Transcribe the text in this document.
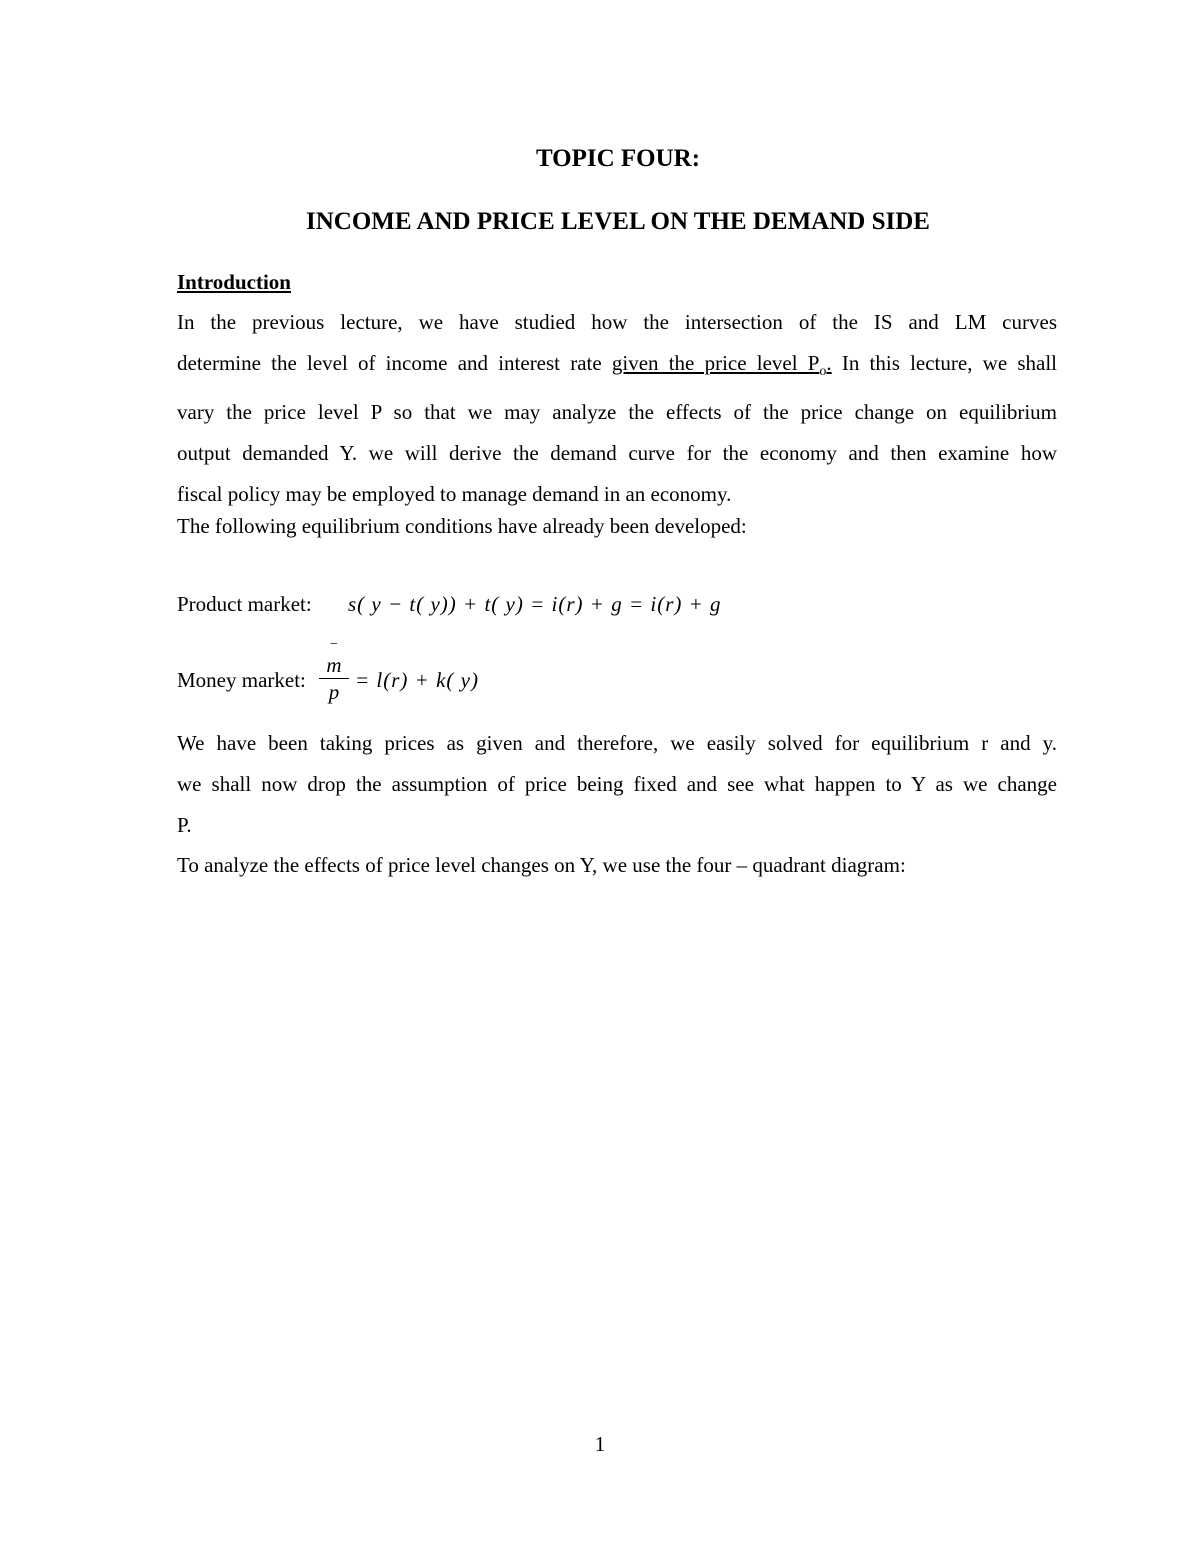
TOPIC FOUR:
INCOME AND PRICE LEVEL ON THE DEMAND SIDE
Introduction
In the previous lecture, we have studied how the intersection of the IS and LM curves
determine the level of income and interest rate given the price level $P_o$. In this lecture, we shall
vary the price level P so that we may analyze the effects of the price change on equilibrium
output demanded Y. we will derive the demand curve for the economy and then examine how
fiscal policy may be employed to manage demand in an economy.

The following equilibrium conditions have already been developed:

Product market: s( y − t( y)) + t( y) = i(r) + g = i(r) + g
Money market:
−
m
p = l(r) + k( y)
We have been taking prices as given and therefore, we easily solved for equilibrium r and y.
we shall now drop the assumption of price being fixed and see what happen to Y as we change
P.

To analyze the effects of price level changes on Y, we use the four – quadrant diagram:

1
